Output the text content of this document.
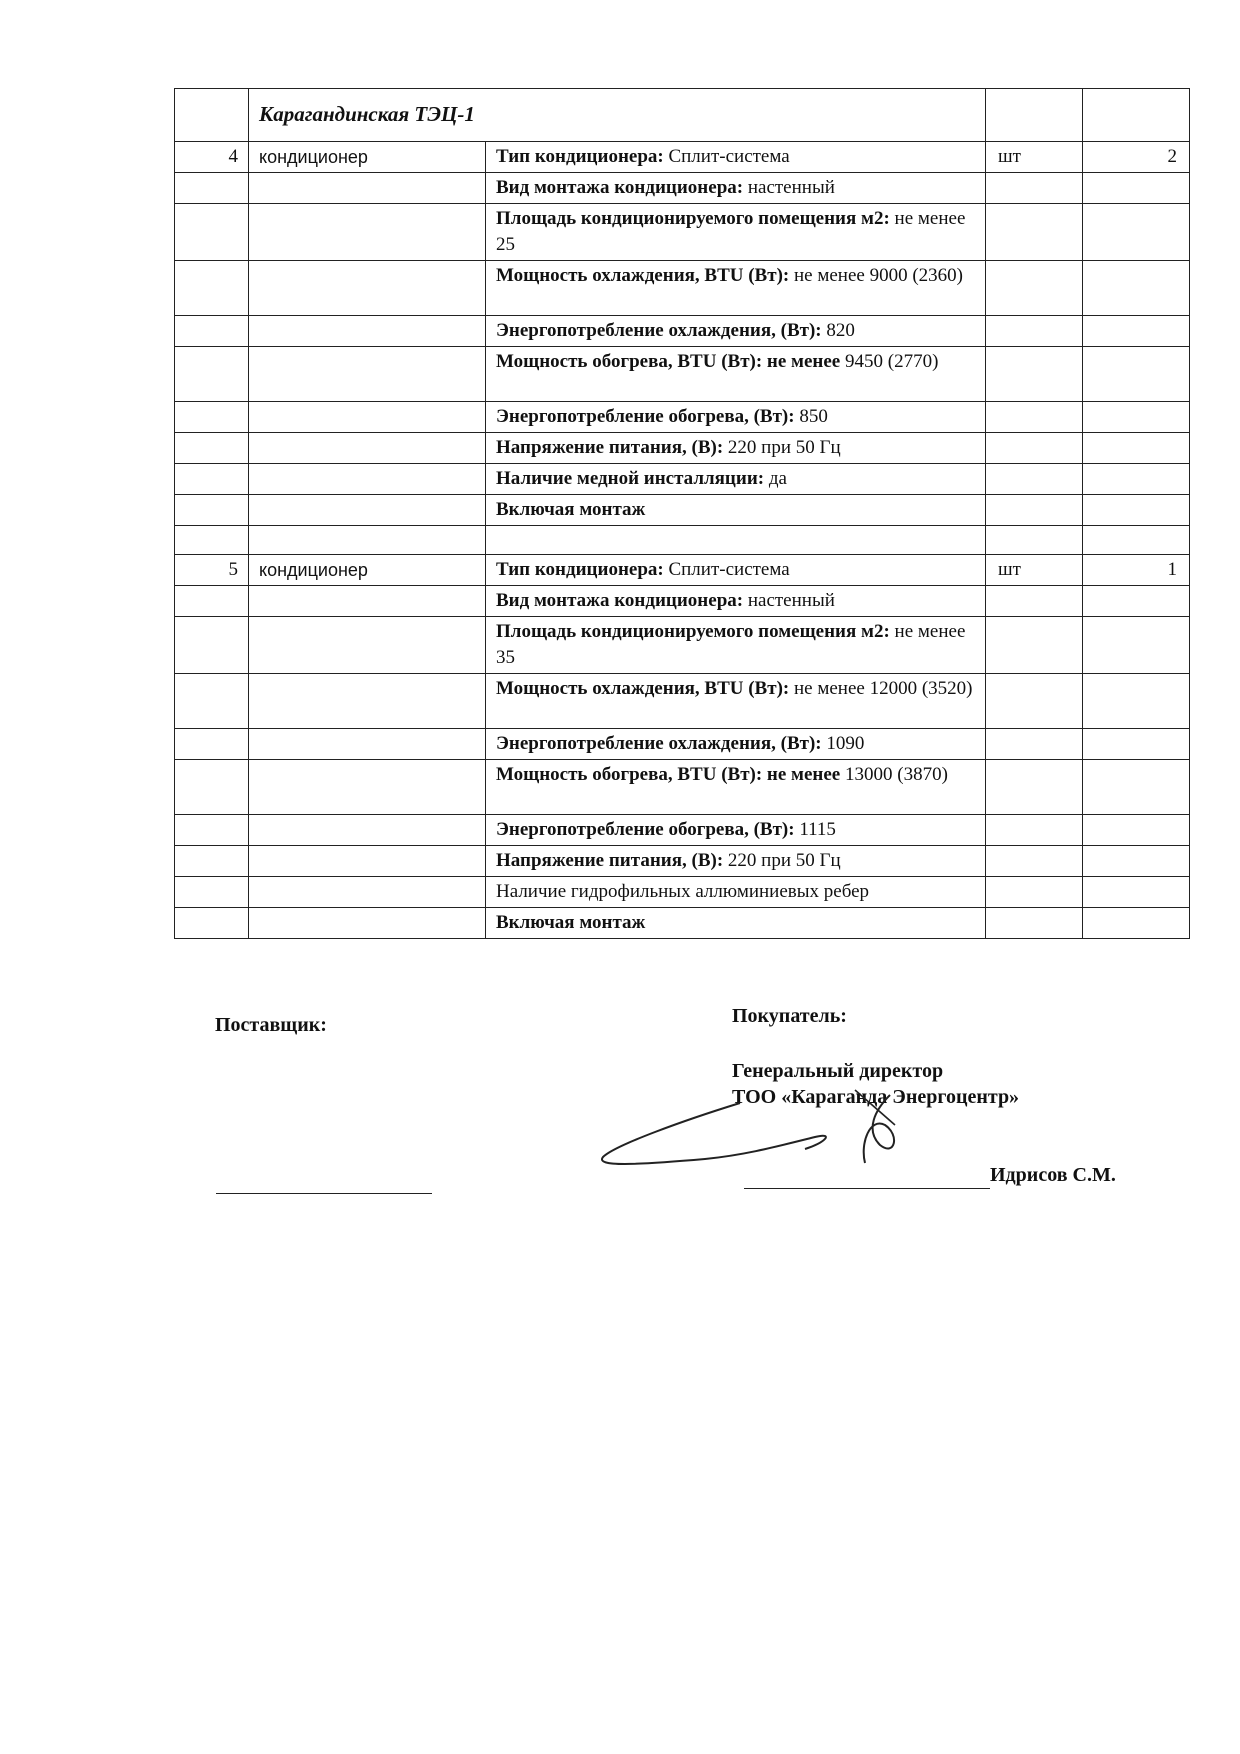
	Карагандинская ТЭЦ-1			
4	кондиционер	Тип кондиционера: Сплит-система	шт	2
		Вид монтажа кондиционера: настенный		
		Площадь кондиционируемого помещения м2: не менее 25		
		Мощность охлаждения, BTU (Вт): не менее 9000 (2360)		
		Энергопотребление охлаждения, (Вт): 820		
		Мощность обогрева, BTU (Вт): не менее 9450 (2770)		
		Энергопотребление обогрева, (Вт): 850		
		Напряжение питания, (В): 220 при 50 Гц		
		Наличие медной инсталляции: да		
		Включая монтаж		

5	кондиционер	Тип кондиционера: Сплит-система	шт	1
		Вид монтажа кондиционера: настенный		
		Площадь кондиционируемого помещения м2: не менее 35		
		Мощность охлаждения, BTU (Вт): не менее 12000 (3520)		
		Энергопотребление охлаждения, (Вт): 1090		
		Мощность обогрева, BTU (Вт): не менее 13000 (3870)		
		Энергопотребление обогрева, (Вт): 1115		
		Напряжение питания, (В): 220 при 50 Гц		
		Наличие гидрофильных аллюминиевых ребер		
		Включая монтаж		
Поставщик:	Покупатель:
Генеральный директор
ТОО «Караганда Энергоцентр»
Идрисов С.М.
